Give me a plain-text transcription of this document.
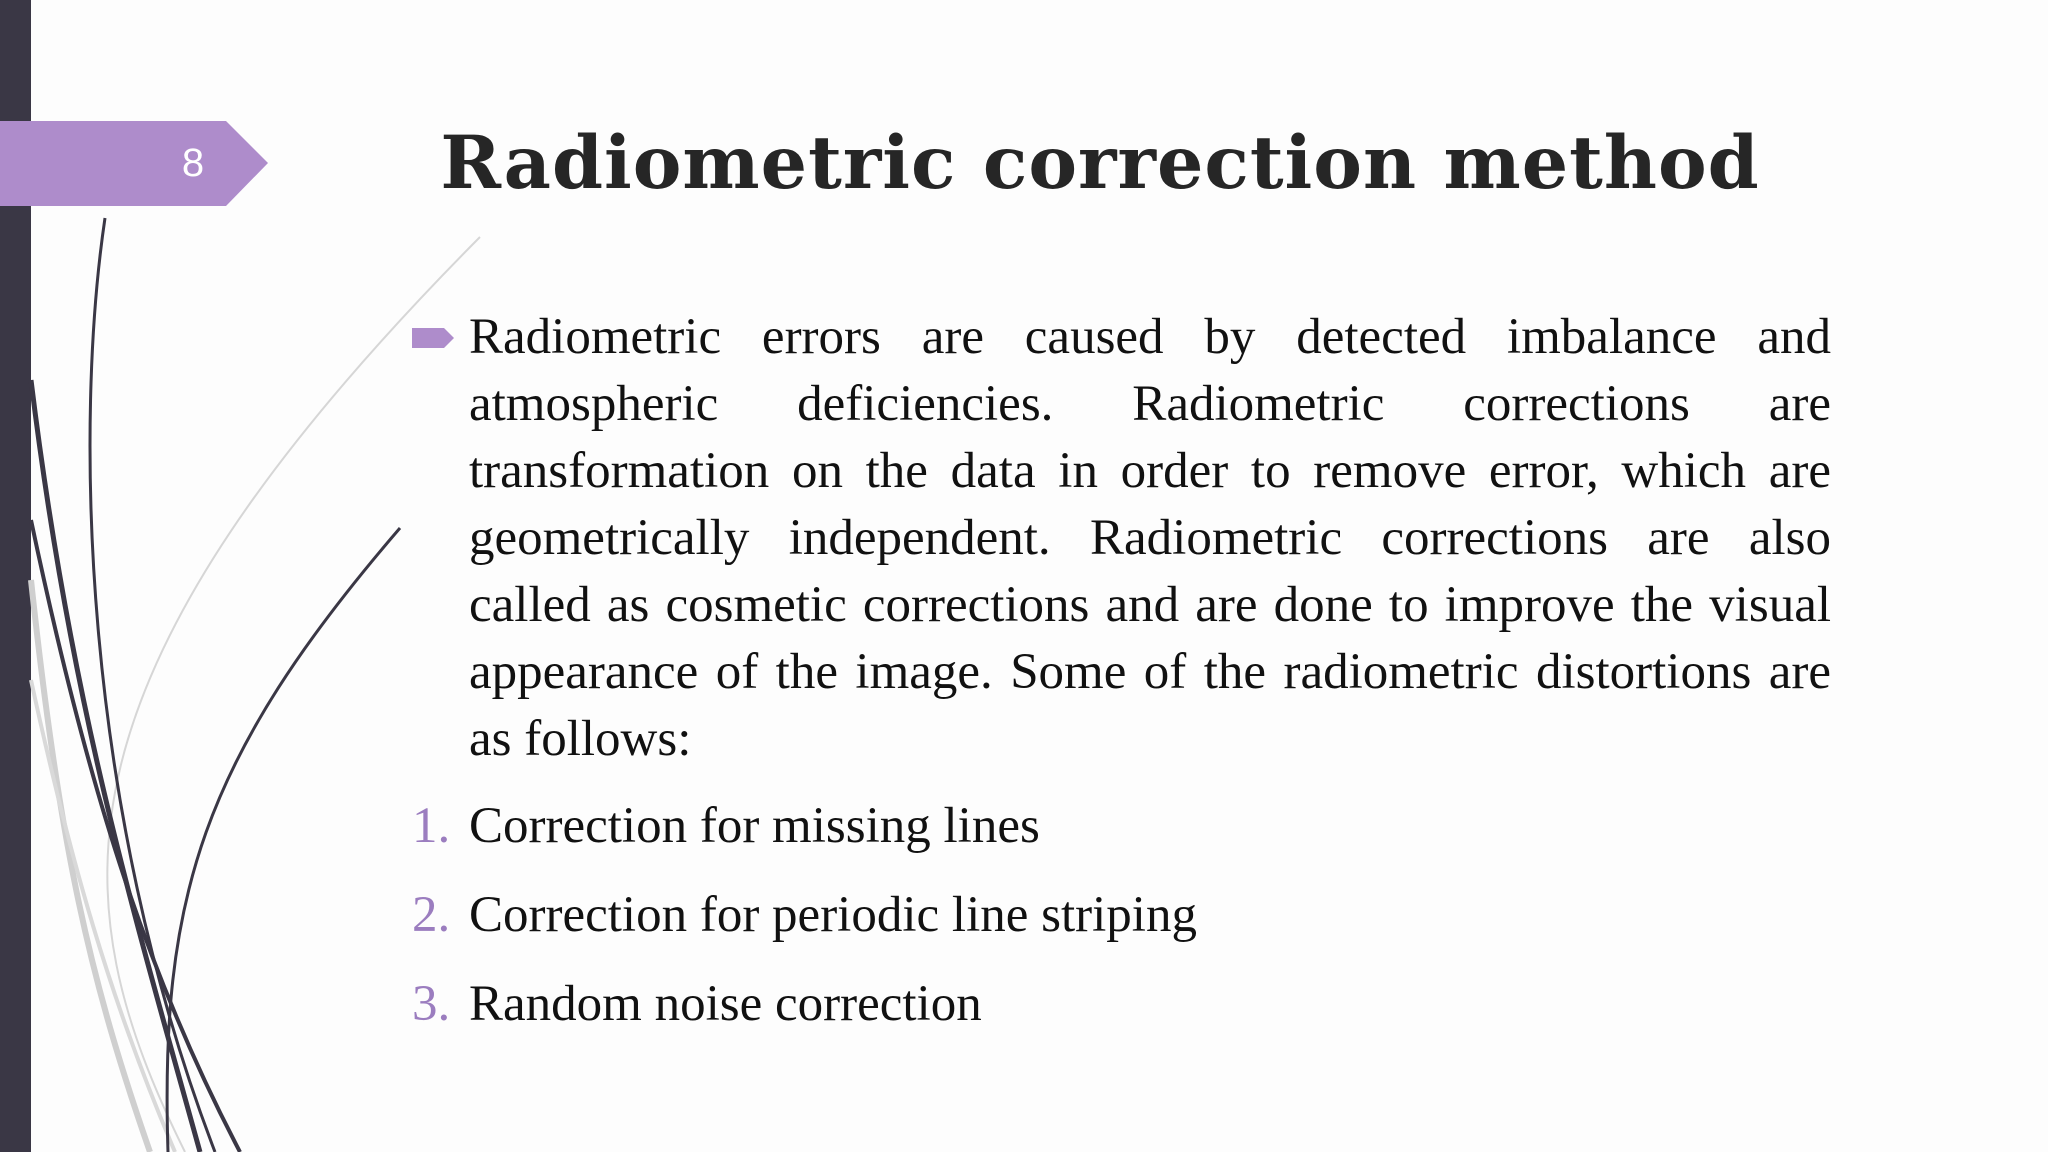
8	Radiometric correction method

Radiometric errors are caused by detected imbalance and atmospheric deficiencies. Radiometric corrections are transformation on the data in order to remove error, which are geometrically independent. Radiometric corrections are also called as cosmetic corrections and are done to improve the visual appearance of the image. Some of the radiometric distortions are as follows:

1. Correction for missing lines
2. Correction for periodic line striping
3. Random noise correction
